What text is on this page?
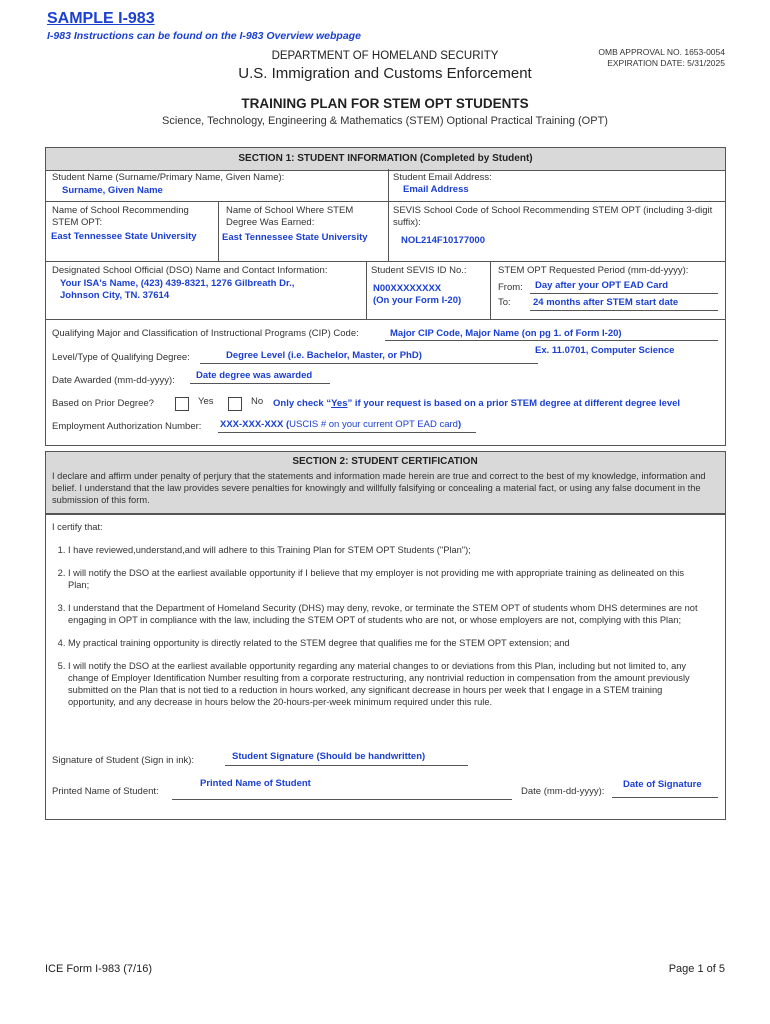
SAMPLE I-983
I-983 Instructions can be found on the I-983 Overview webpage
DEPARTMENT OF HOMELAND SECURITY
U.S. Immigration and Customs Enforcement
OMB APPROVAL NO. 1653-0054
EXPIRATION DATE: 5/31/2025
TRAINING PLAN FOR STEM OPT STUDENTS
Science, Technology, Engineering & Mathematics (STEM) Optional Practical Training (OPT)
SECTION 1: STUDENT INFORMATION (Completed by Student)
Student Name (Surname/Primary Name, Given Name):
Surname, Given Name
Student Email Address:
Email Address
Name of School Recommending STEM OPT:
East Tennessee State University
Name of School Where STEM Degree Was Earned:
East Tennessee State University
SEVIS School Code of School Recommending STEM OPT (including 3-digit suffix):
NOL214F10177000
Designated School Official (DSO) Name and Contact Information:
Your ISA's Name, (423) 439-8321, 1276 Gilbreath Dr.,
Johnson City, TN. 37614
Student SEVIS ID No.:
N00XXXXXXXX
(On your Form I-20)
STEM OPT Requested Period (mm-dd-yyyy):
From: Day after your OPT EAD Card
To: 24 months after STEM start date
Qualifying Major and Classification of Instructional Programs (CIP) Code:	Major CIP Code, Major Name (on pg 1. of Form I-20)
Ex. 11.0701, Computer Science
Level/Type of Qualifying Degree:	Degree Level (i.e. Bachelor, Master, or PhD)
Date Awarded (mm-dd-yyyy): Date degree was awarded
Based on Prior Degree?	Yes	No Only check “Yes” if your request is based on a prior STEM degree at different degree level
Employment Authorization Number: XXX-XXX-XXX (USCIS # on your current OPT EAD card)
SECTION 2: STUDENT CERTIFICATION
I declare and affirm under penalty of perjury that the statements and information made herein are true and correct to the best of my knowledge, information and belief. I understand that the law provides severe penalties for knowingly and willfully falsifying or concealing a material fact, or using any false document in the submission of this form.
I certify that:
1. I have reviewed,understand,and will adhere to this Training Plan for STEM OPT Students ("Plan");
2. I will notify the DSO at the earliest available opportunity if I believe that my employer is not providing me with appropriate training as delineated on this Plan;
3. I understand that the Department of Homeland Security (DHS) may deny, revoke, or terminate the STEM OPT of students whom DHS determines are not engaging in OPT in compliance with the law, including the STEM OPT of students who are not, or whose employers are not, complying with this Plan;
4. My practical training opportunity is directly related to the STEM degree that qualifies me for the STEM OPT extension; and
5. I will notify the DSO at the earliest available opportunity regarding any material changes to or deviations from this Plan, including but not limited to, any change of Employer Identification Number resulting from a corporate restructuring, any nontrivial reduction in compensation from the amount previously submitted on the Plan that is not tied to a reduction in hours worked, any significant decrease in hours per week that I engage in a STEM training opportunity, and any decrease in hours below the 20-hours-per-week minimum required under this rule.
Signature of Student (Sign in ink):	Student Signature (Should be handwritten)
Printed Name of Student:
Printed Name of Student
Date (mm-dd-yyyy):
Date of Signature
ICE Form I-983 (7/16)	Page 1 of 5
